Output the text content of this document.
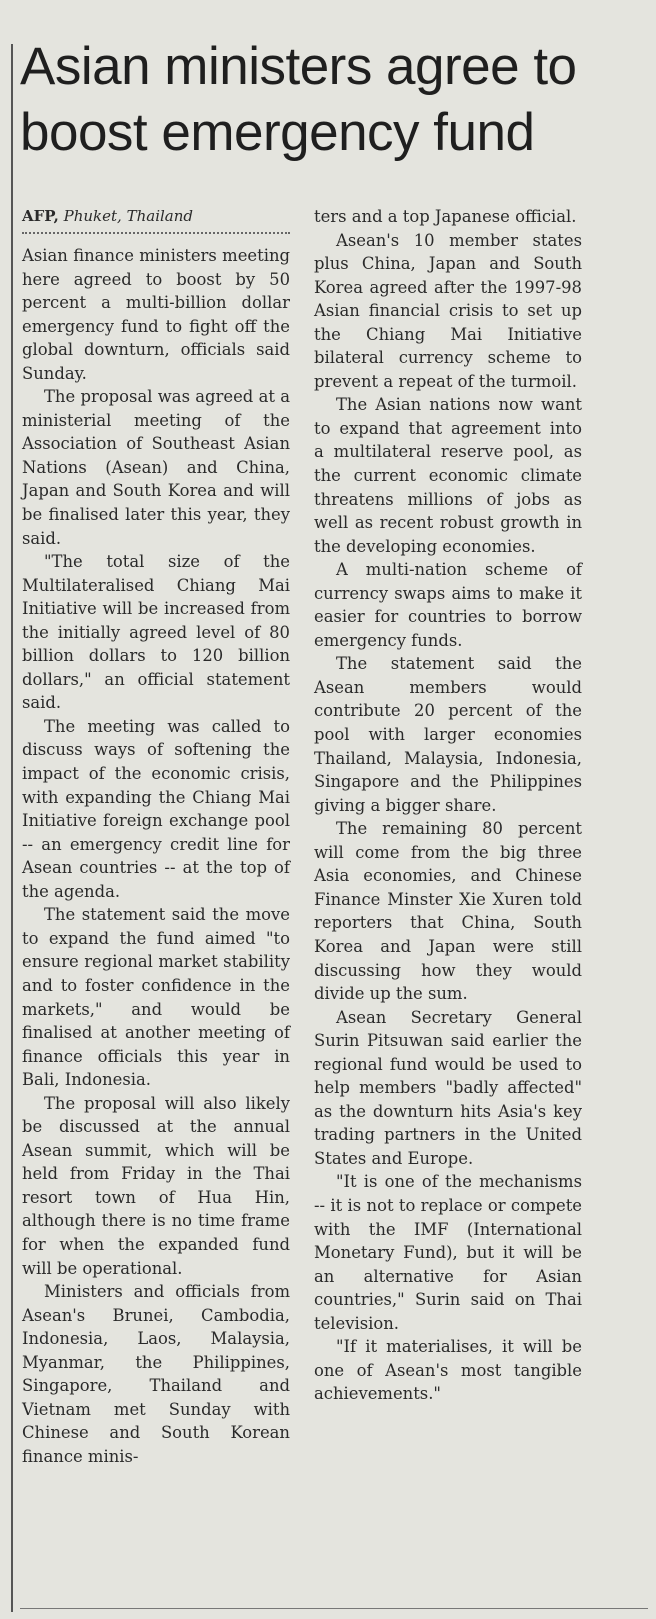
Asian ministers agree to boost emergency fund
AFP, Phuket, Thailand

Asian finance ministers meeting here agreed to boost by 50 percent a multi-billion dollar emergency fund to fight off the global downturn, officials said Sunday.

The proposal was agreed at a ministerial meeting of the Association of Southeast Asian Nations (Asean) and China, Japan and South Korea and will be finalised later this year, they said.

"The total size of the Multilateralised Chiang Mai Initiative will be increased from the initially agreed level of 80 billion dollars to 120 billion dollars," an official statement said.

The meeting was called to discuss ways of softening the impact of the economic crisis, with expanding the Chiang Mai Initiative foreign exchange pool -- an emergency credit line for Asean countries -- at the top of the agenda.

The statement said the move to expand the fund aimed "to ensure regional market stability and to foster confidence in the markets," and would be finalised at another meeting of finance officials this year in Bali, Indonesia.

The proposal will also likely be discussed at the annual Asean summit, which will be held from Friday in the Thai resort town of Hua Hin, although there is no time frame for when the expanded fund will be operational.

Ministers and officials from Asean's Brunei, Cambodia, Indonesia, Laos, Malaysia, Myanmar, the Philippines, Singapore, Thailand and Vietnam met Sunday with Chinese and South Korean finance minis-

ters and a top Japanese official.

Asean's 10 member states plus China, Japan and South Korea agreed after the 1997-98 Asian financial crisis to set up the Chiang Mai Initiative bilateral currency scheme to prevent a repeat of the turmoil.

The Asian nations now want to expand that agreement into a multilateral reserve pool, as the current economic climate threatens millions of jobs as well as recent robust growth in the developing economies.

A multi-nation scheme of currency swaps aims to make it easier for countries to borrow emergency funds.

The statement said the Asean members would contribute 20 percent of the pool with larger economies Thailand, Malaysia, Indonesia, Singapore and the Philippines giving a bigger share.

The remaining 80 percent will come from the big three Asia economies, and Chinese Finance Minster Xie Xuren told reporters that China, South Korea and Japan were still discussing how they would divide up the sum.

Asean Secretary General Surin Pitsuwan said earlier the regional fund would be used to help members "badly affected" as the downturn hits Asia's key trading partners in the United States and Europe.

"It is one of the mechanisms -- it is not to replace or compete with the IMF (International Monetary Fund), but it will be an alternative for Asian countries," Surin said on Thai television.

"If it materialises, it will be one of Asean's most tangible achievements."
